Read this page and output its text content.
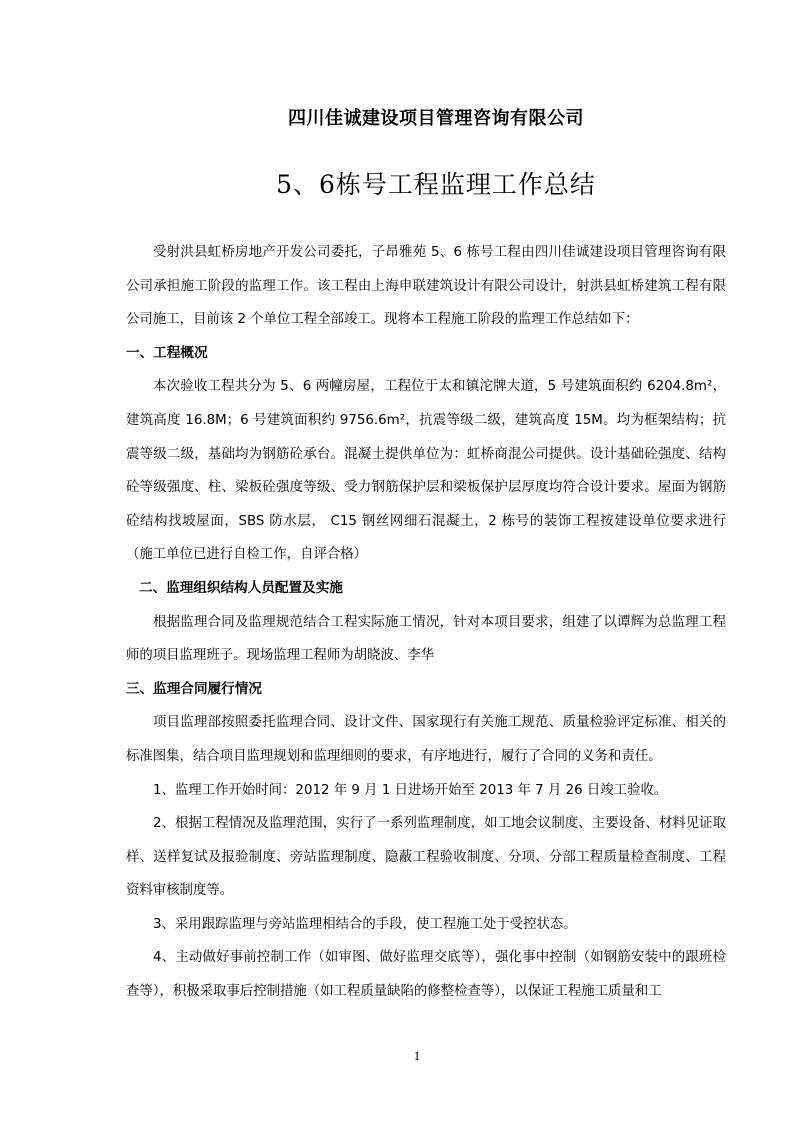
四川佳诚建设项目管理咨询有限公司
5、6栋号工程监理工作总结

受射洪县虹桥房地产开发公司委托，子昂雅苑 5、6 栋号工程由四川佳诚建设项目管理咨询有限公司承担施工阶段的监理工作。该工程由上海申联建筑设计有限公司设计，射洪县虹桥建筑工程有限公司施工，目前该 2 个单位工程全部竣工。现将本工程施工阶段的监理工作总结如下：

一、工程概况

本次验收工程共分为 5、6 两幢房屋，工程位于太和镇沱牌大道，5 号建筑面积约 6204.8m²，建筑高度 16.8M；6 号建筑面积约 9756.6m²，抗震等级二级，建筑高度 15M。均为框架结构；抗震等级二级，基础均为钢筋砼承台。混凝土提供单位为：虹桥商混公司提供。设计基础砼强度、结构砼等级强度、柱、梁板砼强度等级、受力钢筋保护层和梁板保护层厚度均符合设计要求。屋面为钢筋砼结构找坡屋面，SBS 防水层， C15 钢丝网细石混凝土，2 栋号的装饰工程按建设单位要求进行（施工单位已进行自检工作，自评合格）

二、监理组织结构人员配置及实施

根据监理合同及监理规范结合工程实际施工情况，针对本项目要求，组建了以谭辉为总监理工程师的项目监理班子。现场监理工程师为胡晓波、李华

三、监理合同履行情况

项目监理部按照委托监理合同、设计文件、国家现行有关施工规范、质量检验评定标准、相关的标准图集，结合项目监理规划和监理细则的要求，有序地进行，履行了合同的义务和责任。

1、监理工作开始时间：2012 年 9 月 1 日进场开始至 2013 年 7 月 26 日竣工验收。

2、根据工程情况及监理范围，实行了一系列监理制度，如工地会议制度、主要设备、材料见证取样、送样复试及报验制度、旁站监理制度、隐蔽工程验收制度、分项、分部工程质量检查制度、工程资料审核制度等。

3、采用跟踪监理与旁站监理相结合的手段，使工程施工处于受控状态。

4、主动做好事前控制工作（如审图、做好监理交底等），强化事中控制（如钢筋安装中的跟班检查等），积极采取事后控制措施（如工程质量缺陷的修整检查等），以保证工程施工质量和工

1
